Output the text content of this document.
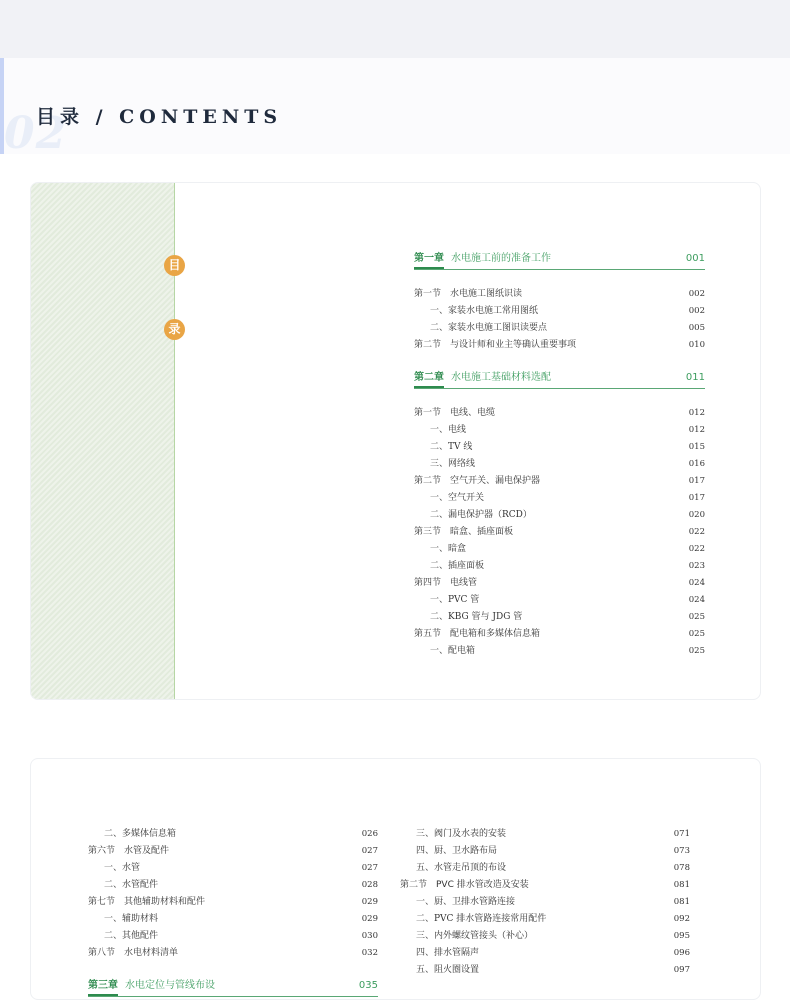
02
目录 / CONTENTS
目
录
第一章 水电施工前的准备工作	001
第一节　水电施工图纸识读	002
一、家装水电施工常用图纸	002
二、家装水电施工图识读要点	005
第二节　与设计师和业主等确认重要事项	010
第二章 水电施工基础材料选配	011
第一节　电线、电缆	012
一、电线	012
二、TV 线	015
三、网络线	016
第二节　空气开关、漏电保护器	017
一、空气开关	017
二、漏电保护器（RCD）	020
第三节　暗盒、插座面板	022
一、暗盒	022
二、插座面板	023
第四节　电线管	024
一、PVC 管	024
二、KBG 管与 JDG 管	025
第五节　配电箱和多媒体信息箱	025
一、配电箱	025
二、多媒体信息箱	026
第六节　水管及配件	027
一、水管	027
二、水管配件	028
第七节　其他辅助材料和配件	029
一、辅助材料	029
二、其他配件	030
第八节　水电材料清单	032
第三章 水电定位与管线布设	035
三、阀门及水表的安装	071
四、厨、卫水路布局	073
五、水管走吊顶的布设	078
第二节　PVC 排水管改造及安装	081
一、厨、卫排水管路连接	081
二、PVC 排水管路连接常用配件	092
三、内外螺纹管接头（补心）	095
四、排水管隔声	096
五、阻火圈设置	097
